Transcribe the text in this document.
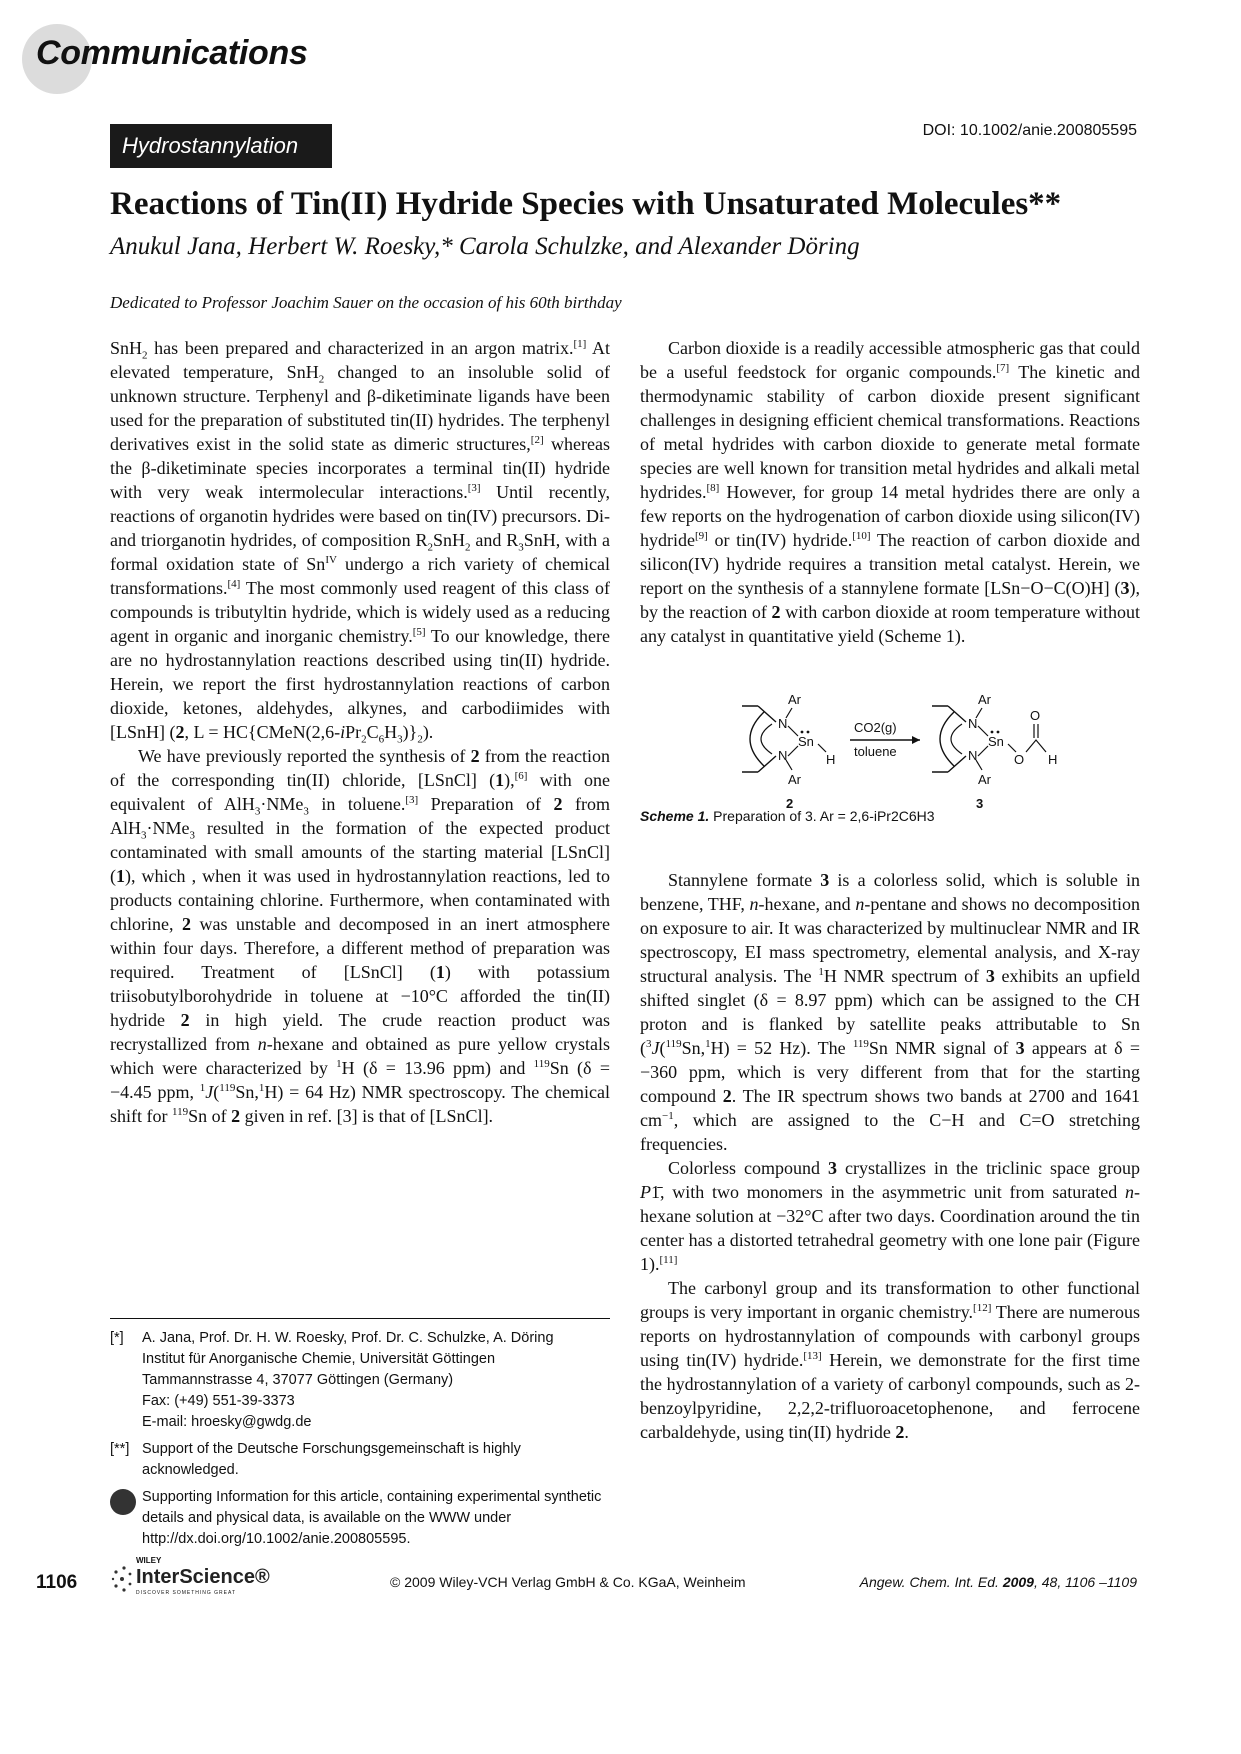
Communications
Hydrostannylation
DOI: 10.1002/anie.200805595
Reactions of Tin(II) Hydride Species with Unsaturated Molecules**
Anukul Jana, Herbert W. Roesky,* Carola Schulzke, and Alexander Döring
Dedicated to Professor Joachim Sauer on the occasion of his 60th birthday

SnH$_2$ has been prepared and characterized in an argon matrix.[1] At elevated temperature, SnH$_2$ changed to an insoluble solid of unknown structure. Terphenyl and β-diketiminate ligands have been used for the preparation of substituted tin(II) hydrides. The terphenyl derivatives exist in the solid state as dimeric structures,[2] whereas the β-diketiminate species incorporates a terminal tin(II) hydride with very weak intermolecular interactions.[3] Until recently, reactions of organotin hydrides were based on tin(IV) precursors. Di- and triorganotin hydrides, of composition $R_2SnH_2$ and $R_3SnH$, with a formal oxidation state of $Sn^{IV}$ undergo a rich variety of chemical transformations.[4] The most commonly used reagent of this class of compounds is tributyltin hydride, which is widely used as a reducing agent in organic and inorganic chemistry.[5] To our knowledge, there are no hydrostannylation reactions described using tin(II) hydride. Herein, we report the first hydrostannylation reactions of carbon dioxide, ketones, aldehydes, alkynes, and carbodiimides with [LSnH] (2, $L = HC\{CMeN(2,6-iPr_2C_6H_3)\}_2$).

We have previously reported the synthesis of 2 from the reaction of the corresponding tin(II) chloride, [LSnCl] (1),[6] with one equivalent of AlH$_3$·NMe$_3$ in toluene.[3] Preparation of 2 from AlH$_3$·NMe$_3$ resulted in the formation of the expected product contaminated with small amounts of the starting material [LSnCl] (1), which , when it was used in hydrostannylation reactions, led to products containing chlorine. Furthermore, when contaminated with chlorine, 2 was unstable and decomposed in an inert atmosphere within four days. Therefore, a different method of preparation was required. Treatment of [LSnCl] (1) with potassium triisobutylborohydride in toluene at −10°C afforded the tin(II) hydride 2 in high yield. The crude reaction product was recrystallized from n-hexane and obtained as pure yellow crystals which were characterized by $^1$H (δ = 13.96 ppm) and $^{119}$Sn (δ = −4.45 ppm, $^1$J($^{119}$Sn,$^1$H) = 64 Hz) NMR spectroscopy. The chemical shift for $^{119}$Sn of 2 given in ref. [3] is that of [LSnCl].

Carbon dioxide is a readily accessible atmospheric gas that could be a useful feedstock for organic compounds.[7] The kinetic and thermodynamic stability of carbon dioxide present significant challenges in designing efficient chemical transformations. Reactions of metal hydrides with carbon dioxide to generate metal formate species are well known for transition metal hydrides and alkali metal hydrides.[8] However, for group 14 metal hydrides there are only a few reports on the hydrogenation of carbon dioxide using silicon(IV) hydride[9] or tin(IV) hydride.[10] The reaction of carbon dioxide and silicon(IV) hydride requires a transition metal catalyst. Herein, we report on the synthesis of a stannylene formate [LSn−O−C(O)H] (3), by the reaction of 2 with carbon dioxide at room temperature without any catalyst in quantitative yield (Scheme 1).

N
N
Ar
Ar
Sn
H
2
CO2(g)
toluene
N
N
Ar
Ar
Sn
O
O
H
3

Scheme 1. Preparation of 3. Ar = 2,6-iPr2C6H3

Stannylene formate 3 is a colorless solid, which is soluble in benzene, THF, n-hexane, and n-pentane and shows no decomposition on exposure to air. It was characterized by multinuclear NMR and IR spectroscopy, EI mass spectrometry, elemental analysis, and X-ray structural analysis. The $^1$H NMR spectrum of 3 exhibits an upfield shifted singlet (δ = 8.97 ppm) which can be assigned to the CH proton and is flanked by satellite peaks attributable to Sn ($^3$J($^{119}$Sn,$^1$H) = 52 Hz). The $^{119}$Sn NMR signal of 3 appears at δ = −360 ppm, which is very different from that for the starting compound 2. The IR spectrum shows two bands at 2700 and 1641 $cm^{-1}$, which are assigned to the C−H and C=O stretching frequencies.

Colorless compound 3 crystallizes in the triclinic space group P1̄, with two monomers in the asymmetric unit from saturated n-hexane solution at −32°C after two days. Coordination around the tin center has a distorted tetrahedral geometry with one lone pair (Figure 1).[11]

The carbonyl group and its transformation to other functional groups is very important in organic chemistry.[12] There are numerous reports on hydrostannylation of compounds with carbonyl groups using tin(IV) hydride.[13] Herein, we demonstrate for the first time the hydrostannylation of a variety of carbonyl compounds, such as 2-benzoylpyridine, 2,2,2-trifluoroacetophenone, and ferrocene carbaldehyde, using tin(II) hydride 2.

[*]	A. Jana, Prof. Dr. H. W. Roesky, Prof. Dr. C. Schulzke, A. Döring
Institut für Anorganische Chemie, Universität Göttingen
Tammannstrasse 4, 37077 Göttingen (Germany)
Fax: (+49) 551-39-3373
E-mail: hroesky@gwdg.de
[**] Support of the Deutsche Forschungsgemeinschaft is highly acknowledged.
Supporting Information for this article, containing experimental synthetic details and physical data, is available on the WWW under http://dx.doi.org/10.1002/anie.200805595.
1106
WILEY
InterScience®
DISCOVER SOMETHING GREAT
© 2009 Wiley-VCH Verlag GmbH & Co. KGaA, Weinheim	Angew. Chem. Int. Ed. 2009, 48, 1106 –1109
